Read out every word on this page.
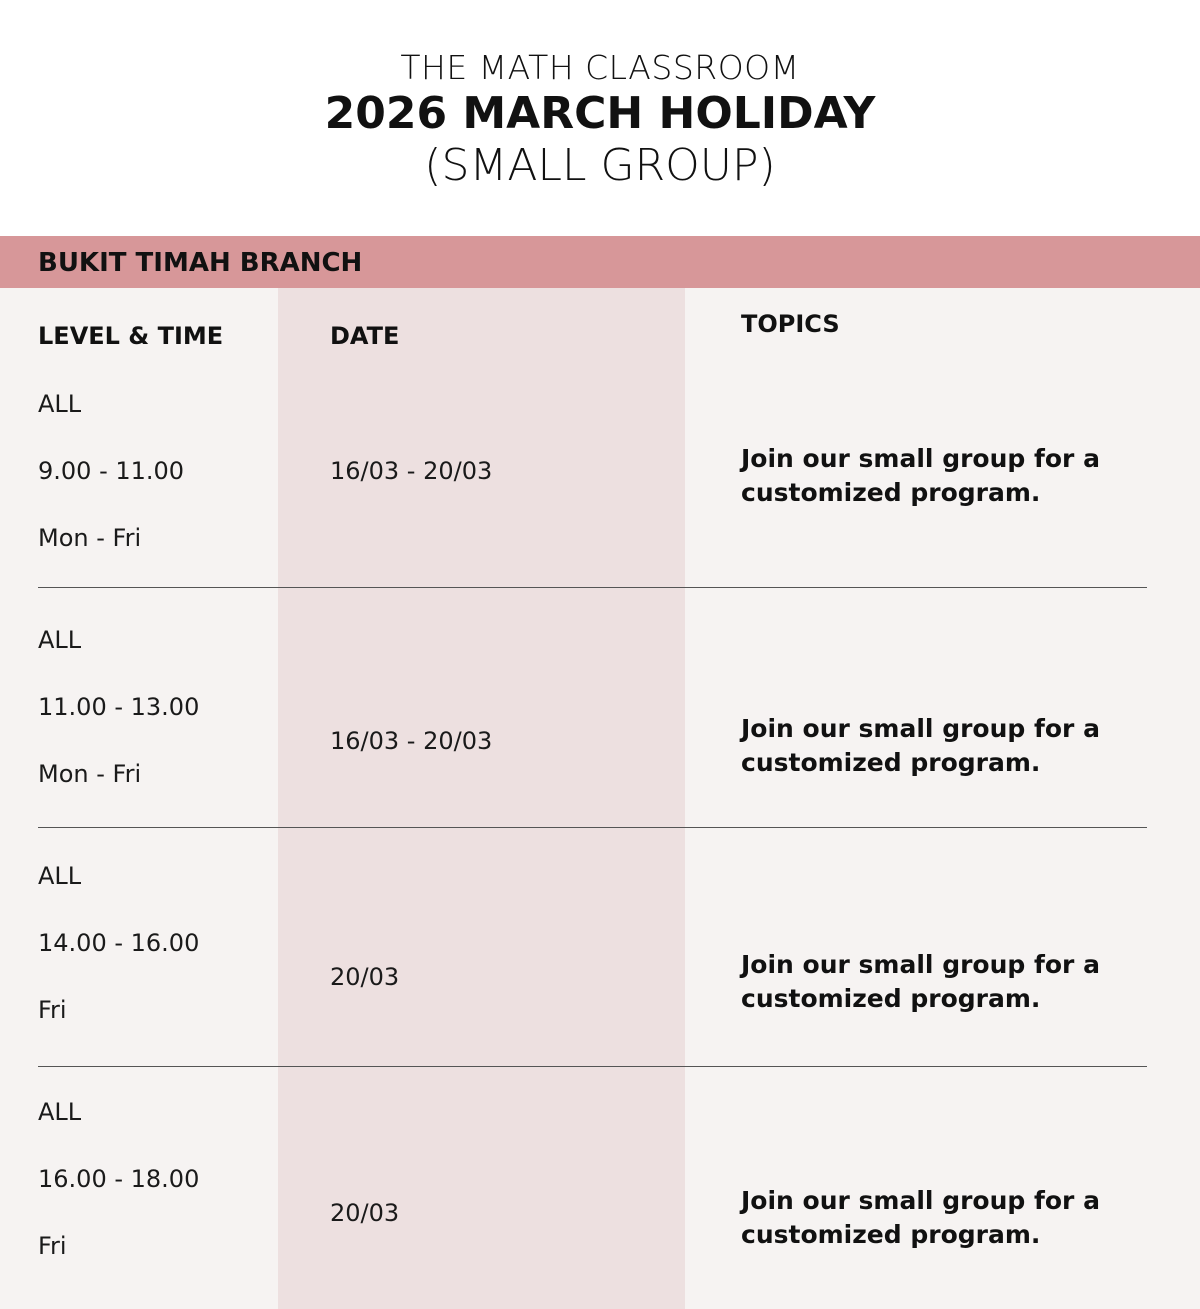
THE MATH CLASSROOM
2026 MARCH HOLIDAY
(SMALL GROUP)
BUKIT TIMAH BRANCH
LEVEL & TIME	DATE	TOPICS
ALL
9.00 - 11.00
Mon - Fri
16/03 - 20/03	Join our small group for a customized program.
ALL
11.00 - 13.00
Mon - Fri
16/03 - 20/03	Join our small group for a customized program.
ALL
14.00 - 16.00
Fri
20/03	Join our small group for a customized program.
ALL
16.00 - 18.00
Fri
20/03	Join our small group for a customized program.
